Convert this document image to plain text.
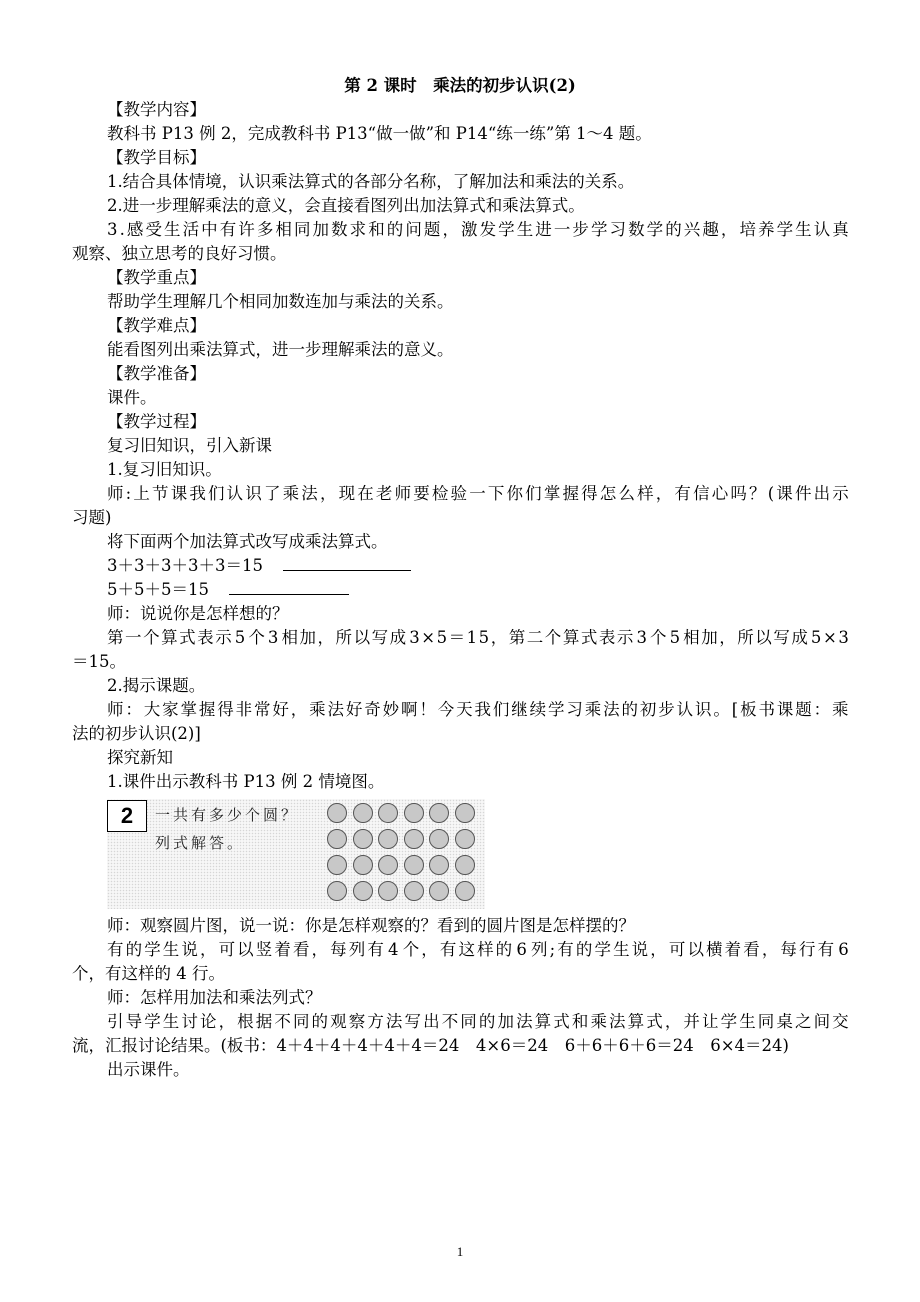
第 2 课时　乘法的初步认识(2)
【教学内容】
教科书 P13 例 2，完成教科书 P13“做一做”和 P14“练一练”第 1～4 题。
【教学目标】
1.结合具体情境，认识乘法算式的各部分名称，了解加法和乘法的关系。
2.进一步理解乘法的意义，会直接看图列出加法算式和乘法算式。
3 . 感 受 生 活 中 有 许 多 相 同 加 数 求 和 的 问 题 ， 激 发 学 生 进 一 步 学 习 数 学 的 兴 趣 ， 培 养 学 生 认 真
观察、独立思考的良好习惯。
【教学重点】
帮助学生理解几个相同加数连加与乘法的关系。
【教学难点】
能看图列出乘法算式，进一步理解乘法的意义。
【教学准备】
课件。
【教学过程】
复习旧知识，引入新课
1.复习旧知识。
师 : 上 节 课 我 们 认 识 了 乘 法 ， 现 在 老 师 要 检 验 一 下 你 们 掌 握 得 怎 么 样 ， 有 信 心 吗 ？ ( 课 件 出 示
习题)
将下面两个加法算式改写成乘法算式。
3＋3＋3＋3＋3＝15
5＋5＋5＝15
师：说说你是怎样想的？
第 一 个 算 式 表 示 5 个 3 相 加 ， 所 以 写 成 3 × 5 ＝ 1 5 ， 第 二 个 算 式 表 示 3 个 5 相 加 ， 所 以 写 成 5 × 3
＝15。
2.揭示课题。
师 ： 大 家 掌 握 得 非 常 好 ， 乘 法 好 奇 妙 啊 ！ 今 天 我 们 继 续 学 习 乘 法 的 初 步 认 识 。 [ 板 书 课 题 ： 乘
法的初步认识(2)]
探究新知
1.课件出示教科书 P13 例 2 情境图。
师：观察圆片图，说一说：你是怎样观察的？看到的圆片图是怎样摆的？
有 的 学 生 说 ， 可 以 竖 着 看 ， 每 列 有 4 个 ， 有 这 样 的 6 列 ; 有 的 学 生 说 ， 可 以 横 着 看 ， 每 行 有 6
个，有这样的 4 行。
师：怎样用加法和乘法列式？
引 导 学 生 讨 论 ， 根 据 不 同 的 观 察 方 法 写 出 不 同 的 加 法 算 式 和 乘 法 算 式 ， 并 让 学 生 同 桌 之 间 交
流，汇报讨论结果。(板书：4＋4＋4＋4＋4＋4＝24　4×6＝24　6＋6＋6＋6＝24　6×4＝24)
出示课件。
2	一共有多少个圆？
列式解答。
1
